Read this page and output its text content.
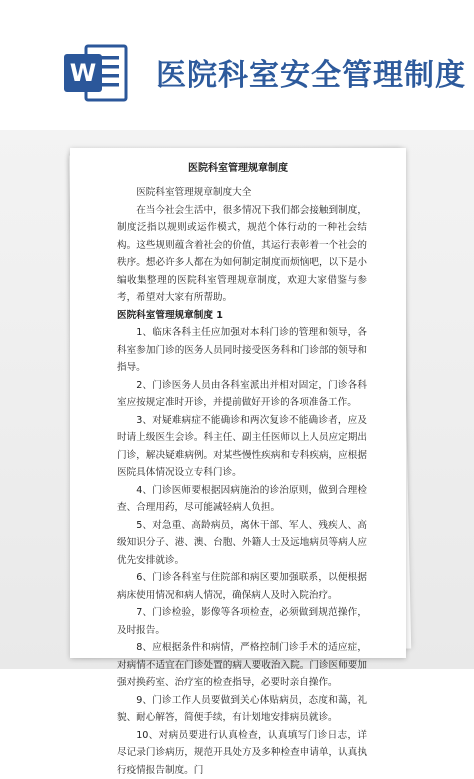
W 医院科室安全管理制度
医院科室管理规章制度

医院科室管理规章制度大全

在当今社会生活中，很多情况下我们都会接触到制度，制度泛指以规则或运作模式，规范个体行动的一种社会结构。这些规则蕴含着社会的价值，其运行表彰着一个社会的秩序。想必许多人都在为如何制定制度而烦恼吧，以下是小编收集整理的医院科室管理规章制度，欢迎大家借鉴与参考，希望对大家有所帮助。

医院科室管理规章制度 1

1、临床各科主任应加强对本科门诊的管理和领导，各科室参加门诊的医务人员同时接受医务科和门诊部的领导和指导。

2、门诊医务人员由各科室派出并相对固定，门诊各科室应按规定准时开诊，并提前做好开诊的各项准备工作。

3、对疑难病症不能确诊和两次复诊不能确诊者，应及时请上级医生会诊。科主任、副主任医师以上人员应定期出门诊，解决疑难病例。对某些慢性疾病和专科疾病，应根据医院具体情况设立专科门诊。

4、门诊医师要根据因病施治的诊治原则，做到合理检查、合理用药，尽可能减轻病人负担。

5、对急重、高龄病员，离休干部、军人、残疾人、高级知识分子、港、澳、台胞、外籍人士及远地病员等病人应优先安排就诊。

6、门诊各科室与住院部和病区要加强联系，以便根据病床使用情况和病人情况，确保病人及时入院治疗。

7、门诊检验，影像等各项检查，必须做到规范操作，及时报告。

8、应根据条件和病情，严格控制门诊手术的适应症，对病情不适宜在门诊处置的病人要收治入院。门诊医师要加强对换药室、治疗室的检查指导，必要时亲自操作。

9、门诊工作人员要做到关心体贴病员，态度和蔼，礼貌、耐心解答，简便手续，有计划地安排病员就诊。

10、对病员要进行认真检查，认真填写门诊日志，详尽记录门诊病历，规范开具处方及多种检查申请单，认真执行疫情报告制度。门
